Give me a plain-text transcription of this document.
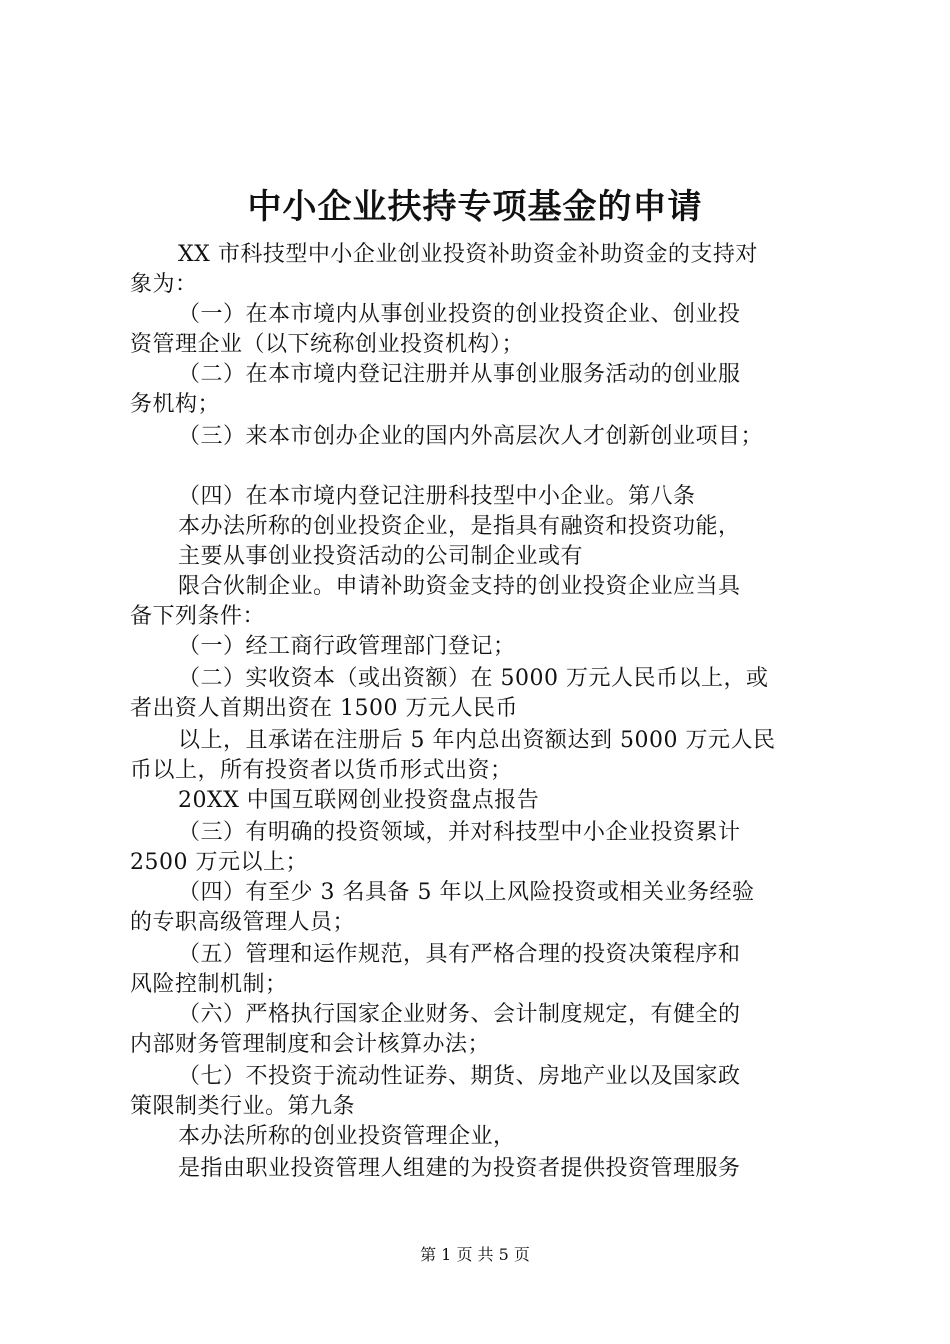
中小企业扶持专项基金的申请
XX 市科技型中小企业创业投资补助资金补助资金的支持对
象为：
（一）在本市境内从事创业投资的创业投资企业、创业投
资管理企业（以下统称创业投资机构）；
（二）在本市境内登记注册并从事创业服务活动的创业服
务机构；
（三）来本市创办企业的国内外高层次人才创新创业项目；
（四）在本市境内登记注册科技型中小企业。第八条
本办法所称的创业投资企业，是指具有融资和投资功能，
主要从事创业投资活动的公司制企业或有
限合伙制企业。申请补助资金支持的创业投资企业应当具
备下列条件：
（一）经工商行政管理部门登记；
（二）实收资本（或出资额）在 5000 万元人民币以上，或
者出资人首期出资在 1500 万元人民币
以上，且承诺在注册后 5 年内总出资额达到 5000 万元人民
币以上，所有投资者以货币形式出资；
20XX 中国互联网创业投资盘点报告
（三）有明确的投资领域，并对科技型中小企业投资累计
2500 万元以上；
（四）有至少 3 名具备 5 年以上风险投资或相关业务经验
的专职高级管理人员；
（五）管理和运作规范，具有严格合理的投资决策程序和
风险控制机制；
（六）严格执行国家企业财务、会计制度规定，有健全的
内部财务管理制度和会计核算办法；
（七）不投资于流动性证券、期货、房地产业以及国家政
策限制类行业。第九条
本办法所称的创业投资管理企业，
是指由职业投资管理人组建的为投资者提供投资管理服务
第 1 页 共 5 页
